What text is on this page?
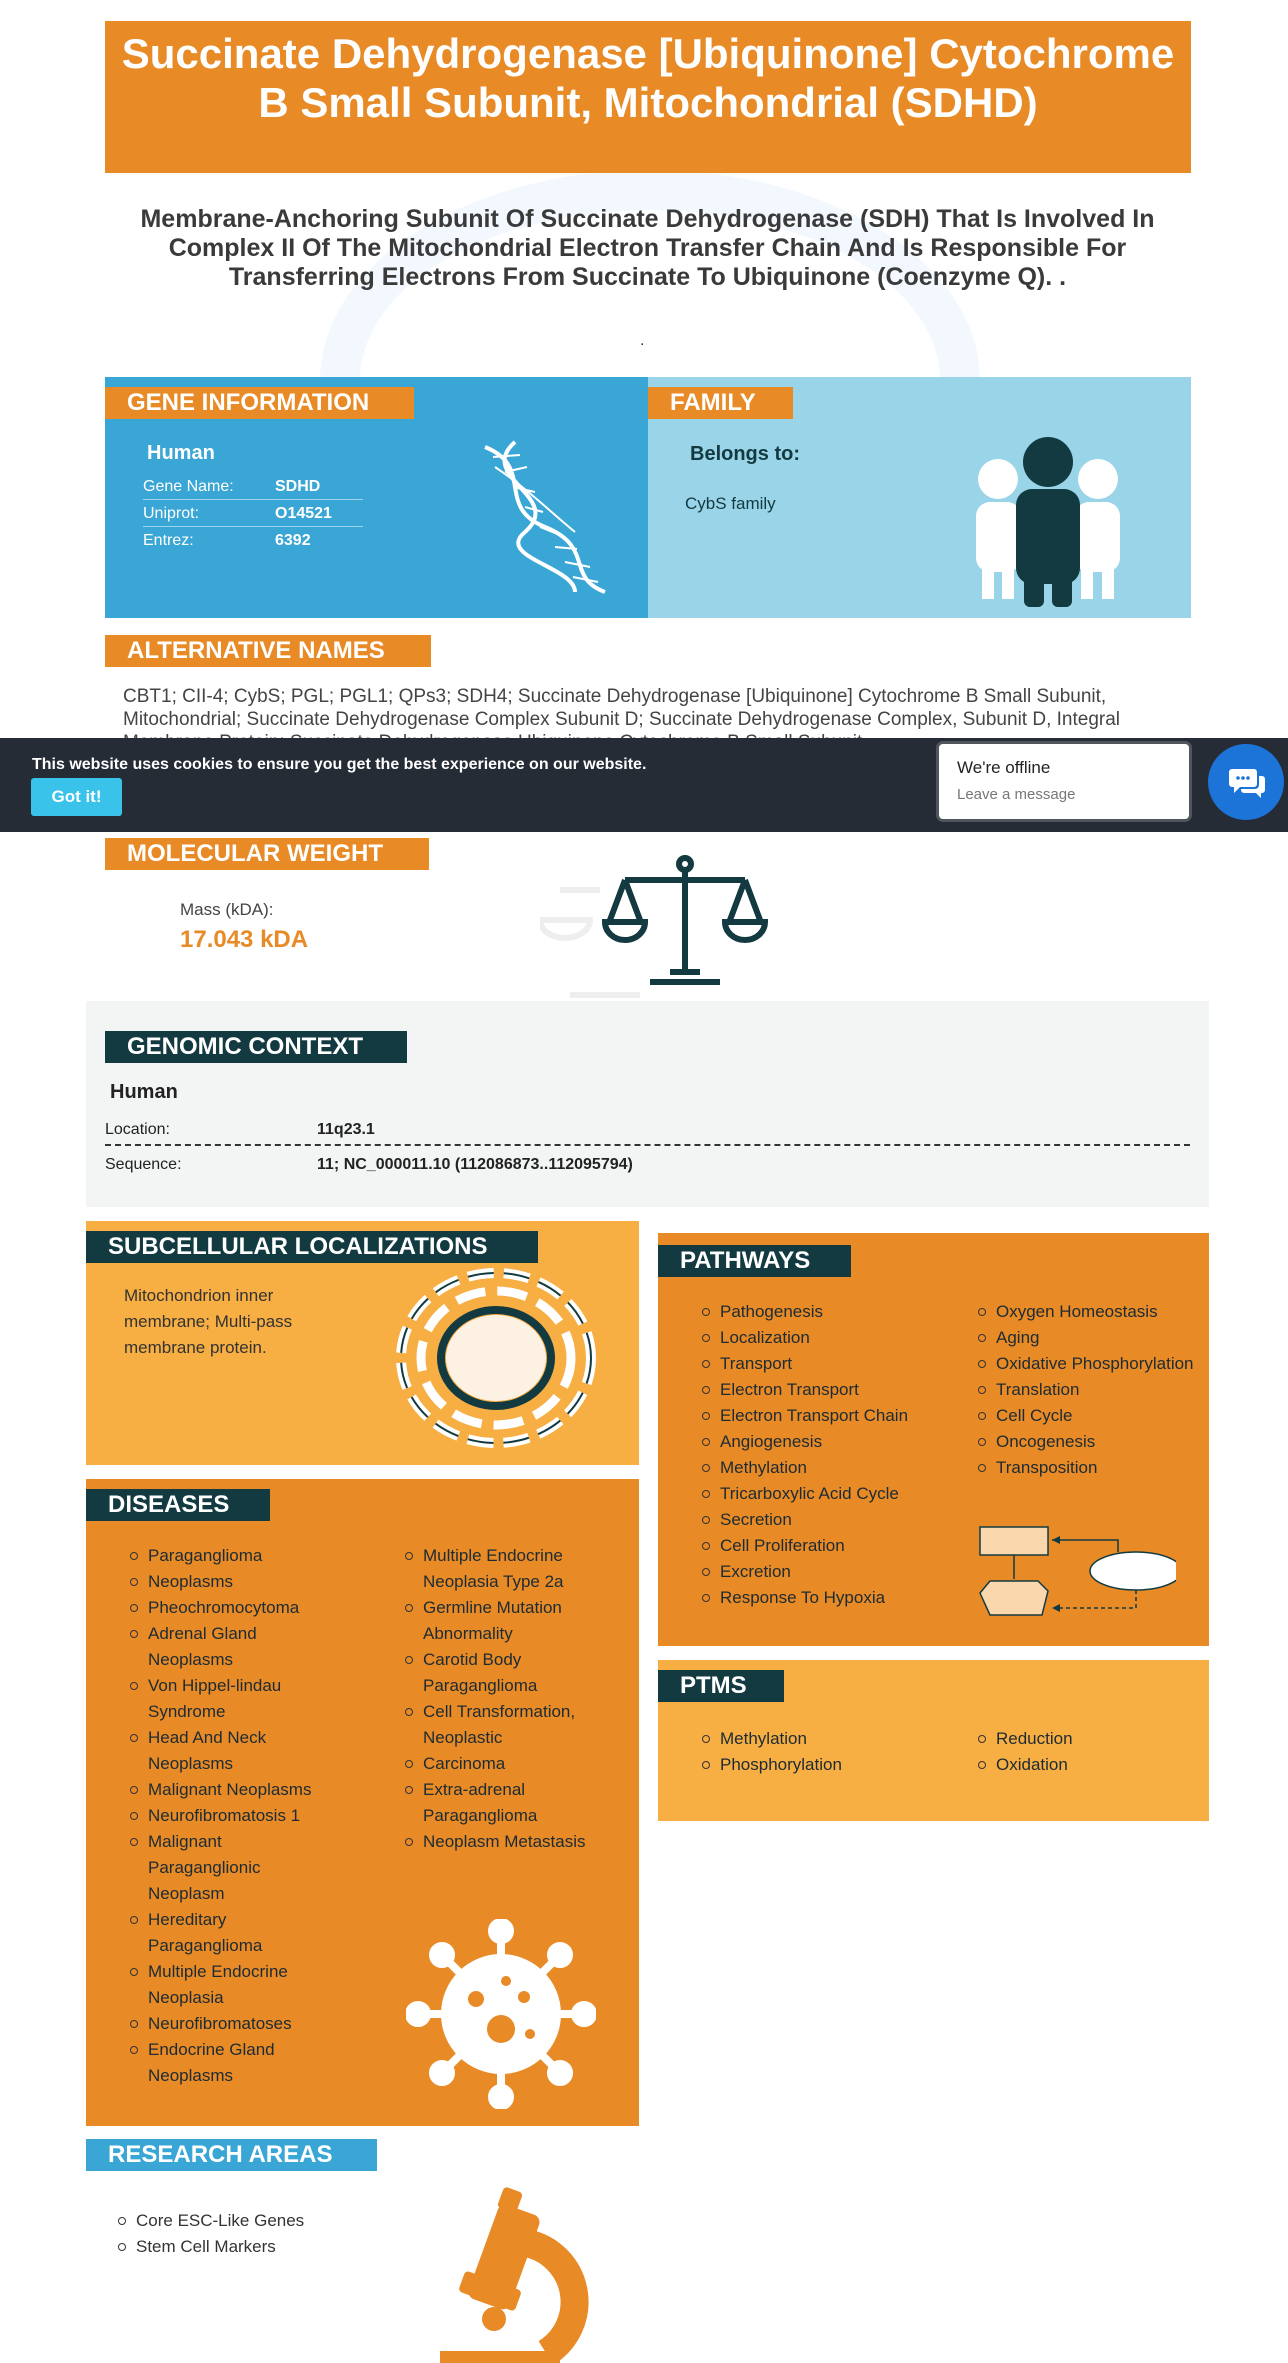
Succinate Dehydrogenase [Ubiquinone] Cytochrome B Small Subunit, Mitochondrial (SDHD)

Membrane-Anchoring Subunit Of Succinate Dehydrogenase (SDH) That Is Involved In Complex II Of The Mitochondrial Electron Transfer Chain And Is Responsible For Transferring Electrons From Succinate To Ubiquinone (Coenzyme Q). .

.
GENE INFORMATION
Human
Gene Name:	SDHD
Uniprot:	O14521
Entrez:	6392
FAMILY
Belongs to:
CybS family
ALTERNATIVE NAMES

CBT1; CII-4; CybS; PGL; PGL1; QPs3; SDH4; Succinate Dehydrogenase [Ubiquinone] Cytochrome B Small Subunit, Mitochondrial; Succinate Dehydrogenase Complex Subunit D; Succinate Dehydrogenase Complex, Subunit D, Integral

This website uses cookies to ensure you get the best experience on our website.
Got it!
We're offline
Leave a message
MOLECULAR WEIGHT
Mass (kDA):
17.043 kDA
GENOMIC CONTEXT
Human
Location:	11q23.1
Sequence:	11; NC_000011.10 (112086873..112095794)
SUBCELLULAR LOCALIZATIONS

Mitochondrion inner membrane; Multi-pass membrane protein.

DISEASES
Paraganglioma
Neoplasms
Pheochromocytoma
Adrenal Gland Neoplasms
Von Hippel-lindau Syndrome
Head And Neck Neoplasms
Malignant Neoplasms
Neurofibromatosis 1
Malignant Paraganglionic Neoplasm
Hereditary Paraganglioma
Multiple Endocrine Neoplasia
Neurofibromatoses
Endocrine Gland Neoplasms
Multiple Endocrine Neoplasia Type 2a
Germline Mutation Abnormality
Carotid Body Paraganglioma
Cell Transformation, Neoplastic
Carcinoma
Extra-adrenal Paraganglioma
Neoplasm Metastasis
PATHWAYS
Pathogenesis
Localization
Transport
Electron Transport
Electron Transport Chain
Angiogenesis
Methylation
Tricarboxylic Acid Cycle
Secretion
Cell Proliferation
Excretion
Response To Hypoxia
Oxygen Homeostasis
Aging
Oxidative Phosphorylation
Translation
Cell Cycle
Oncogenesis
Transposition
PTMS
Methylation
Phosphorylation
Reduction
Oxidation
RESEARCH AREAS
Core ESC-Like Genes
Stem Cell Markers
